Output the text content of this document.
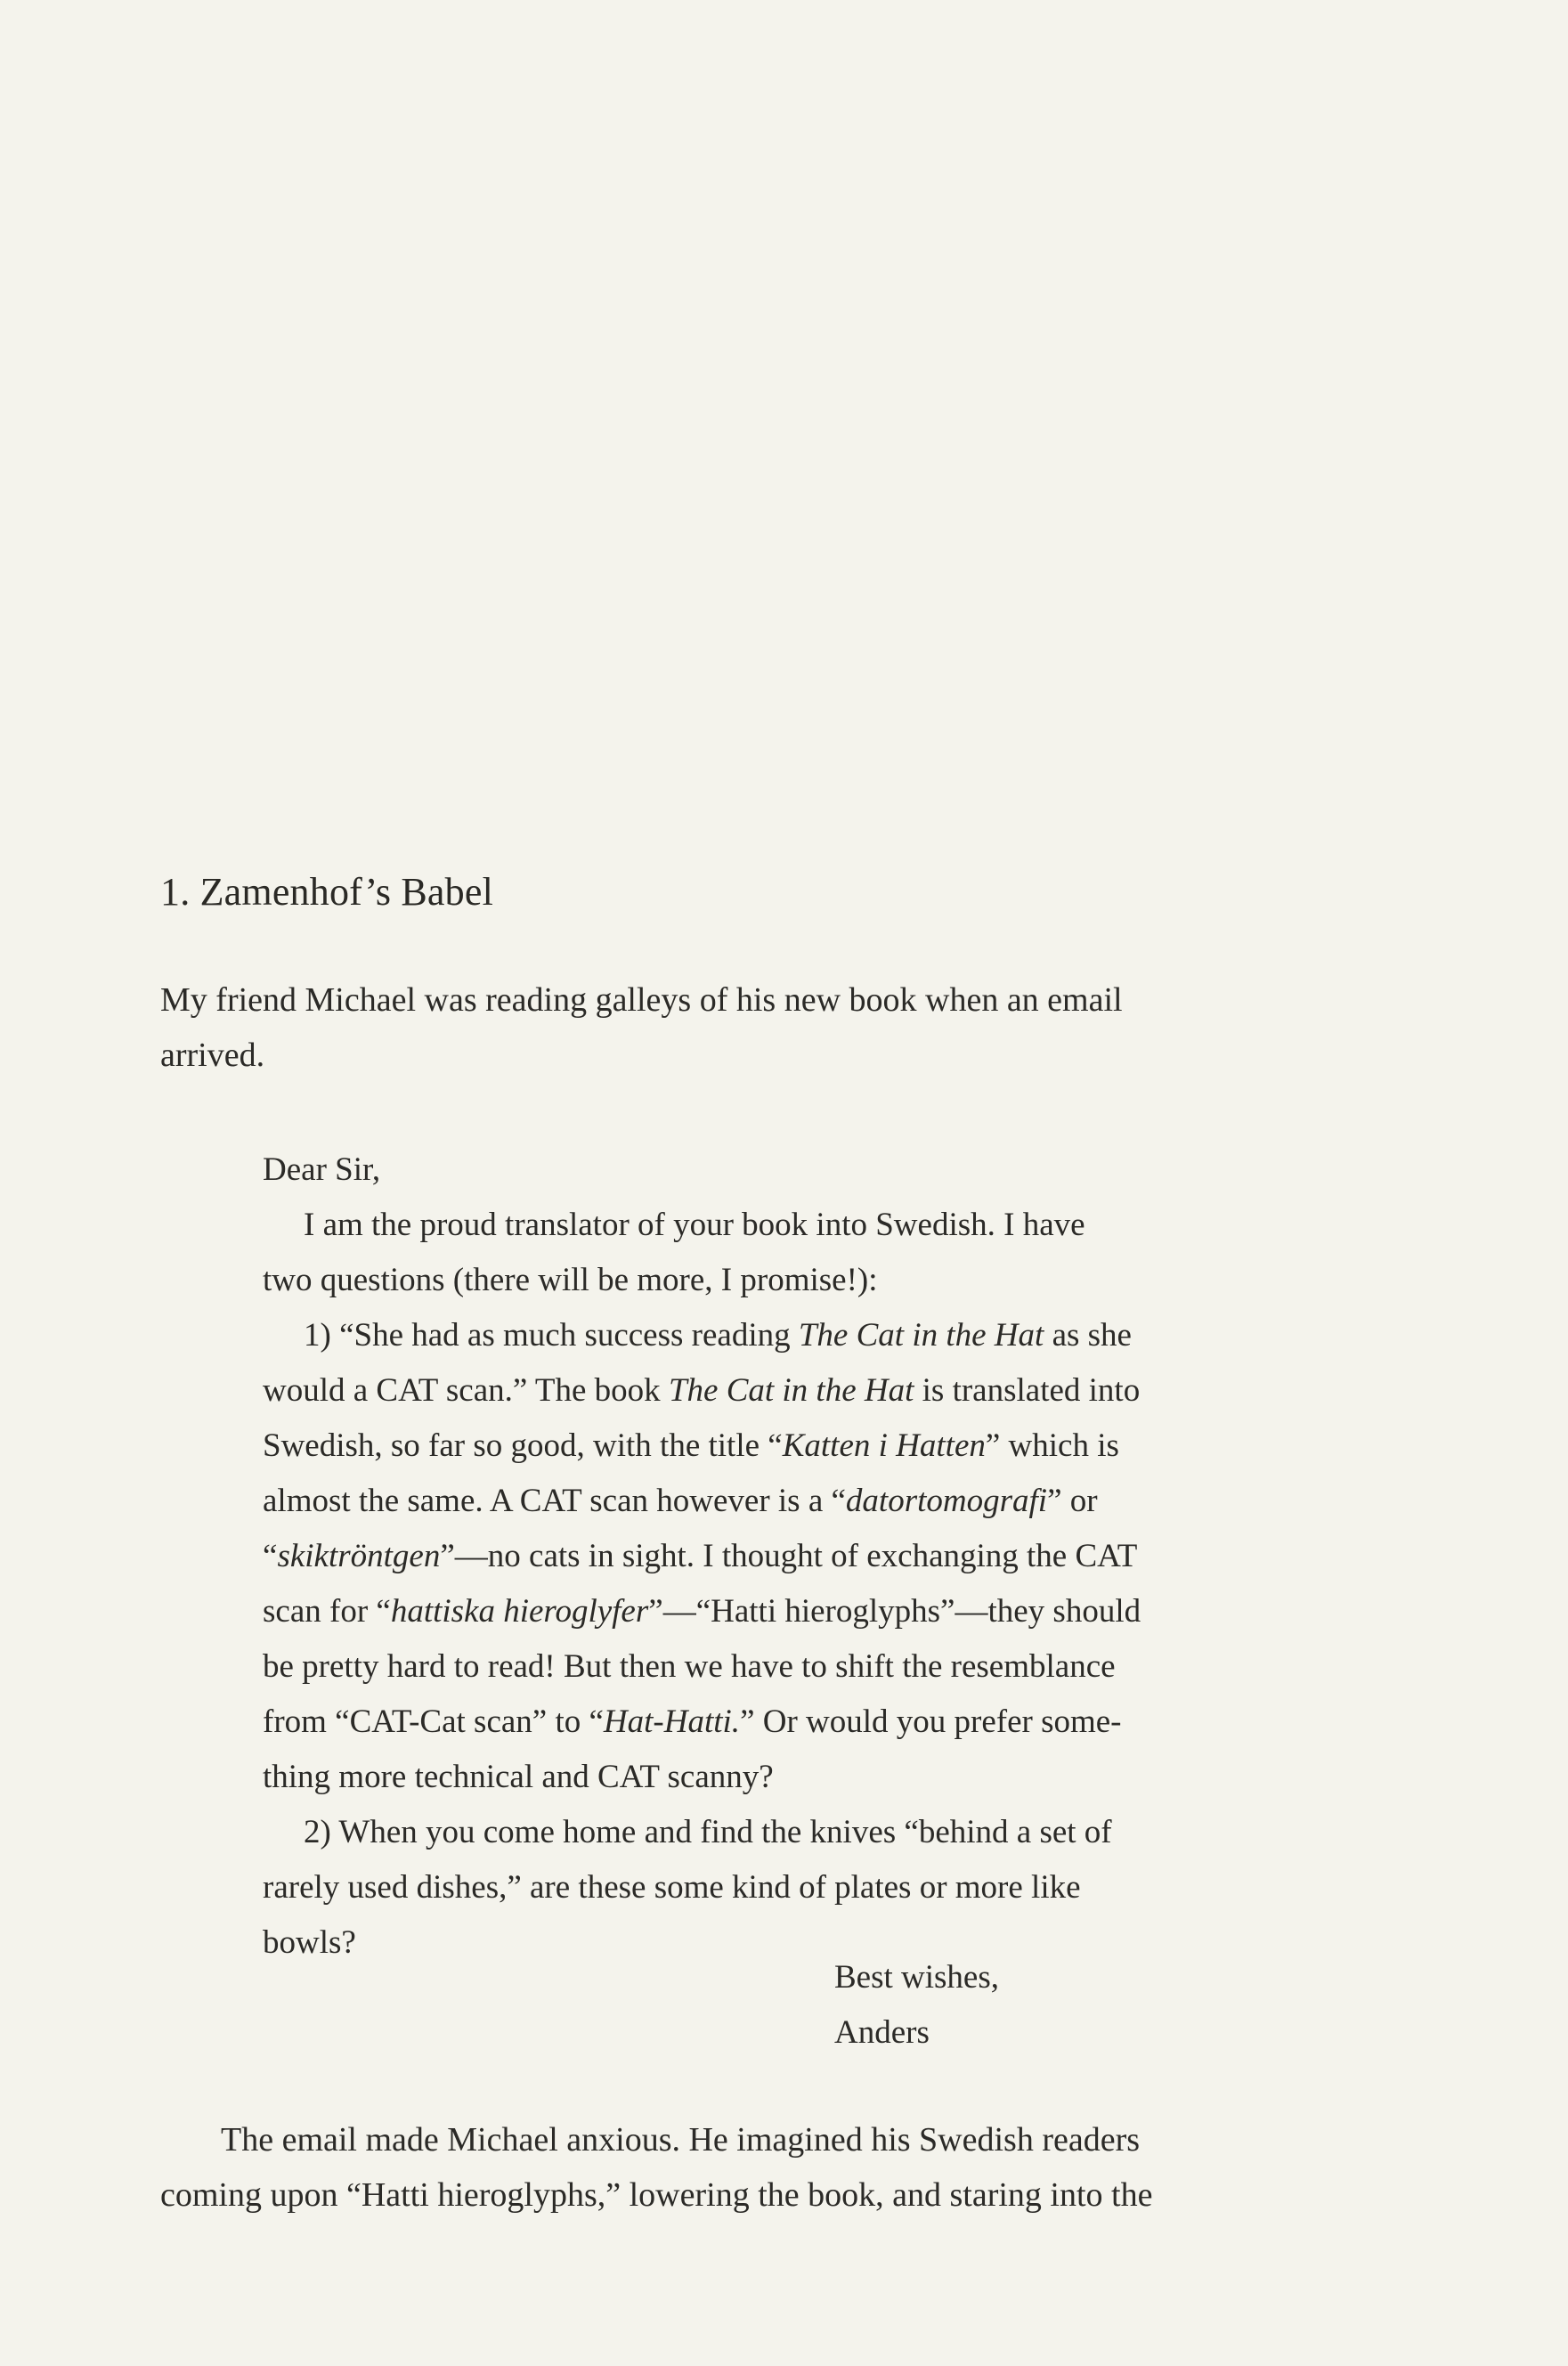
1. Zamenhof’s Babel
My friend Michael was reading galleys of his new book when an email
arrived.

Dear Sir,

I am the proud translator of your book into Swedish. I have
two questions (there will be more, I promise!):

1) “She had as much success reading The Cat in the Hat as she
would a CAT scan.” The book The Cat in the Hat is translated into
Swedish, so far so good, with the title “Katten i Hatten” which is
almost the same. A CAT scan however is a “datortomografi” or
“skiktröntgen”—no cats in sight. I thought of exchanging the CAT
scan for “hattiska hieroglyfer”—“Hatti hieroglyphs”—they should
be pretty hard to read! But then we have to shift the resemblance
from “CAT-Cat scan” to “Hat-Hatti.” Or would you prefer some-
thing more technical and CAT scanny?

2) When you come home and find the knives “behind a set of
rarely used dishes,” are these some kind of plates or more like
bowls?

Best wishes,
Anders
The email made Michael anxious. He imagined his Swedish readers
coming upon “Hatti hieroglyphs,” lowering the book, and staring into the
